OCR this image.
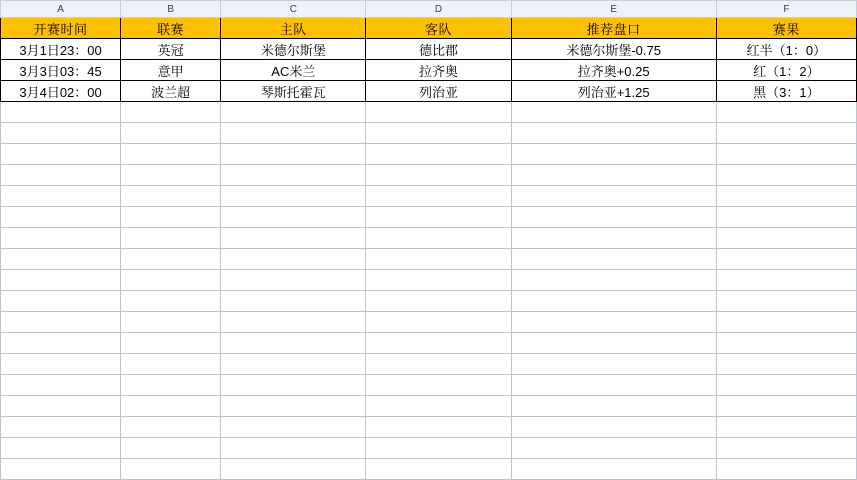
A	B	C	D	E	F
开赛时间	联赛	主队	客队	推荐盘口	赛果
3月1日23：00	英冠	米德尔斯堡	德比郡	米德尔斯堡-0.75	红半（1：0）
3月3日03：45	意甲	AC米兰	拉齐奥	拉齐奥+0.25	红（1：2）
3月4日02：00	波兰超	琴斯托霍瓦	列治亚	列治亚+1.25	黑（3：1）
